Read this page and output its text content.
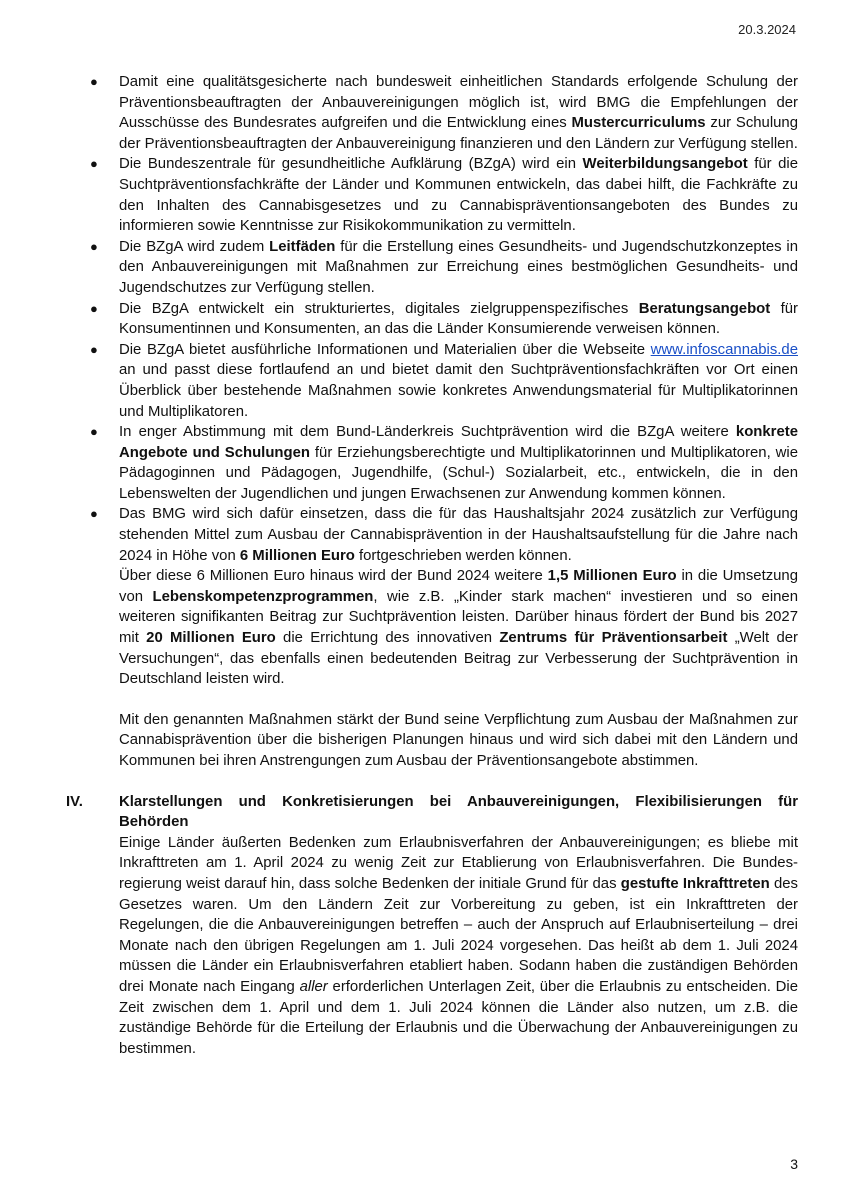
20.3.2024
● Damit eine qualitätsgesicherte nach bundesweit einheitlichen Standards erfolgende Schulung der Präventionsbeauftragten der Anbauvereinigungen möglich ist, wird BMG die Empfehlungen der Ausschüsse des Bundesrates aufgreifen und die Entwicklung eines Mustercurriculums zur Schulung der Präventionsbeauftragten der Anbauvereinigung finanzieren und den Ländern zur Verfügung stellen.
● Die Bundeszentrale für gesundheitliche Aufklärung (BZgA) wird ein Weiterbildungsangebot für die Suchtpräventionsfachkräfte der Länder und Kommunen entwickeln, das dabei hilft, die Fachkräfte zu den Inhalten des Cannabisgesetzes und zu Cannabispräventionsangeboten des Bundes zu informieren sowie Kenntnisse zur Risikokommunikation zu vermitteln.
● Die BZgA wird zudem Leitfäden für die Erstellung eines Gesundheits- und Jugendschutzkonzeptes in den Anbauvereinigungen mit Maßnahmen zur Erreichung eines bestmöglichen Gesundheits- und Jugendschutzes zur Verfügung stellen.
● Die BZgA entwickelt ein strukturiertes, digitales zielgruppenspezifisches Beratungsangebot für Konsumentinnen und Konsumenten, an das die Länder Konsumierende verweisen können.
● Die BZgA bietet ausführliche Informationen und Materialien über die Webseite www.infoscannabis.de an und passt diese fortlaufend an und bietet damit den Suchtpräventionsfachkräften vor Ort einen Überblick über bestehende Maßnahmen sowie konkretes Anwendungsmaterial für Multiplikatorinnen und Multiplikatoren.
● In enger Abstimmung mit dem Bund-Länderkreis Suchtprävention wird die BZgA weitere konkrete Angebote und Schulungen für Erziehungsberechtigte und Multiplikatorinnen und Multiplikatoren, wie Pädagoginnen und Pädagogen, Jugendhilfe, (Schul-) Sozialarbeit, etc., entwickeln, die in den Lebenswelten der Jugendlichen und jungen Erwachsenen zur Anwendung kommen können.
● Das BMG wird sich dafür einsetzen, dass die für das Haushaltsjahr 2024 zusätzlich zur Verfügung stehenden Mittel zum Ausbau der Cannabisprävention in der Haushaltsaufstellung für die Jahre nach 2024 in Höhe von 6 Millionen Euro fortgeschrieben werden können.

Über diese 6 Millionen Euro hinaus wird der Bund 2024 weitere 1,5 Millionen Euro in die Umsetzung von Lebenskompetenzprogrammen, wie z.B. „Kinder stark machen“ investieren und so einen weiteren signifikanten Beitrag zur Suchtprävention leisten. Darüber hinaus fördert der Bund bis 2027 mit 20 Millionen Euro die Errichtung des innovativen Zentrums für Präventionsarbeit „Welt der Versuchungen“, das ebenfalls einen bedeutenden Beitrag zur Verbesserung der Suchtprävention in Deutschland leisten wird.

Mit den genannten Maßnahmen stärkt der Bund seine Verpflichtung zum Ausbau der Maßnahmen zur Cannabisprävention über die bisherigen Planungen hinaus und wird sich dabei mit den Ländern und Kommunen bei ihren Anstrengungen zum Ausbau der Präventionsangebote abstimmen.

IV.	Klarstellungen und Konkretisierungen bei Anbauvereinigungen, Flexibilisierungen für Behörden
Einige Länder äußerten Bedenken zum Erlaubnisverfahren der Anbauvereinigungen; es bliebe mit Inkrafttreten am 1. April 2024 zu wenig Zeit zur Etablierung von Erlaubnisverfahren. Die Bundesregierung weist darauf hin, dass solche Bedenken der initiale Grund für das gestufte Inkrafttreten des Gesetzes waren. Um den Ländern Zeit zur Vorbereitung zu geben, ist ein Inkrafttreten der Regelungen, die die Anbauvereinigungen betreffen – auch der Anspruch auf Erlaubniserteilung – drei Monate nach den übrigen Regelungen am 1. Juli 2024 vorgesehen. Das heißt ab dem 1. Juli 2024 müssen die Länder ein Erlaubnisverfahren etabliert haben. Sodann haben die zuständigen Behörden drei Monate nach Eingang aller erforderlichen Unterlagen Zeit, über die Erlaubnis zu entscheiden. Die Zeit zwischen dem 1. April und dem 1. Juli 2024 können die Länder also nutzen, um z.B. die zuständige Behörde für die Erteilung der Erlaubnis und die Überwachung der Anbauvereinigungen zu bestimmen.
3
